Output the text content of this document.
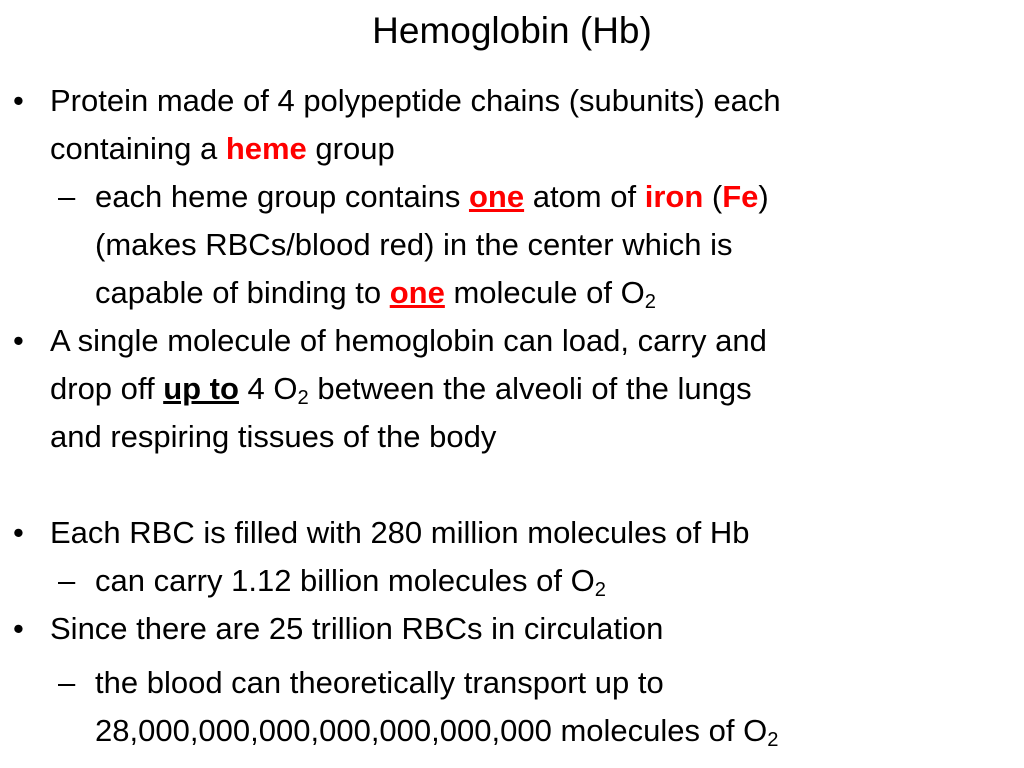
Hemoglobin (Hb)
• Protein made of 4 polypeptide chains (subunits) each
containing a heme group
– each heme group contains one atom of iron (Fe)
(makes RBCs/blood red) in the center which is
capable of binding to one molecule of $O_2$
• A single molecule of hemoglobin can load, carry and
drop off up to 4 $O_2$ between the alveoli of the lungs
and respiring tissues of the body
• Each RBC is filled with 280 million molecules of Hb
– can carry 1.12 billion molecules of $O_2$
• Since there are 25 trillion RBCs in circulation
– the blood can theoretically transport up to
28,000,000,000,000,000,000,000 molecules of $O_2$
